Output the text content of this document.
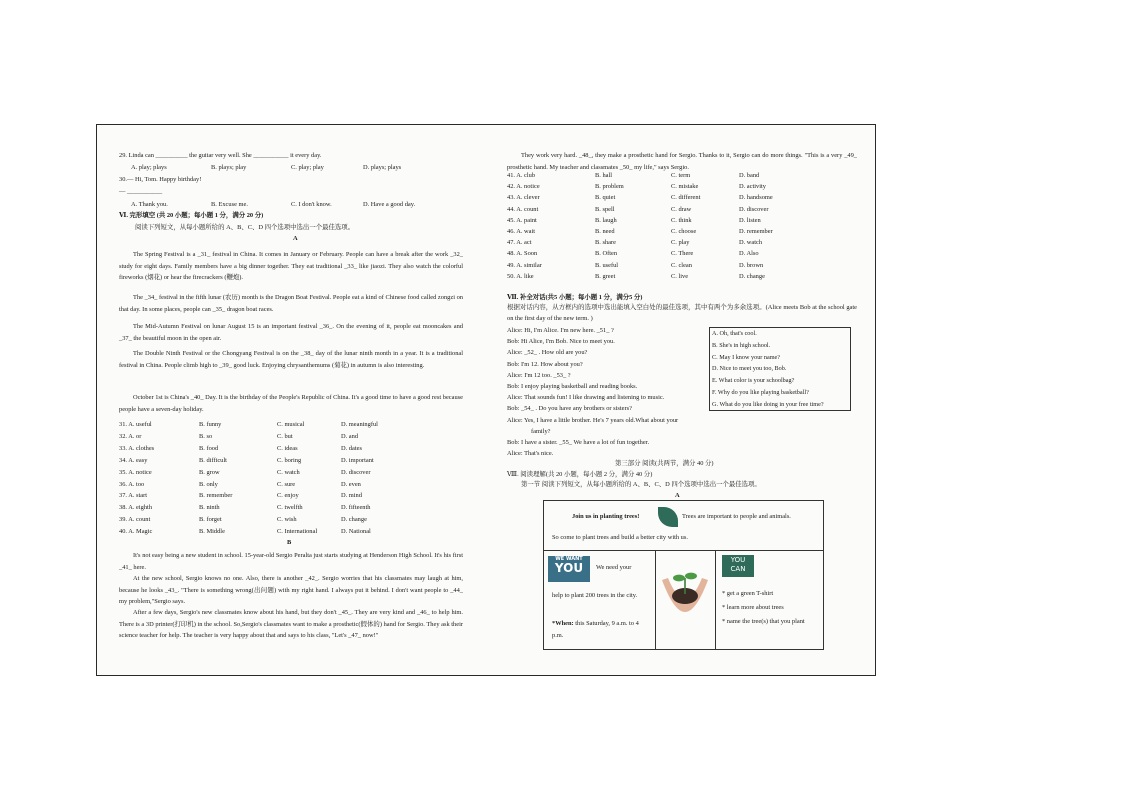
29. Linda can __________ the guitar very well. She ___________ it every day.
A. play; plays	B. plays; play	C. play; play	D. plays; plays
30.— Hi, Tom. Happy birthday!
— ___________
A. Thank you.	B. Excuse me.	C. I don't know.	D. Have a good day.
Ⅵ. 完形填空 (共 20 小题；每小题 1 分，满分 20 分)
阅读下列短文，从每小题所给的 A、B、C、D 四个选项中选出一个最佳选项。
A
The Spring Festival is a _31_ festival in China. It comes in January or February. People can have a break after the work _32_ study for eight days. Family members have a big dinner together. They eat traditional _33_ like jiaozi. They also watch the colorful fireworks (烟花) or hear the firecrackers (鞭炮).
The _34_ festival in the fifth lunar (农历) month is the Dragon Boat Festival. People eat a kind of Chinese food called zongzi on that day. In some places, people can _35_ dragon boat races.
The Mid-Autumn Festival on lunar August 15 is an important festival _36_. On the evening of it, people eat mooncakes and _37_ the beautiful moon in the open air.
The Double Ninth Festival or the Chongyang Festival is on the _38_ day of the lunar ninth month in a year. It is a traditional festival in China. People climb high to _39_ good luck. Enjoying chrysanthemums (菊花) in autumn is also interesting.
October 1st is China's _40_ Day. It is the birthday of the People's Republic of China. It's a good time to have a good rest because people have a seven-day holiday.
31. A. useful	B. funny	C. musical	D. meaningful
32. A. or	B. so	C. but	D. and
33. A. clothes	B. food	C. ideas	D. dates
34. A. easy	B. difficult	C. boring	D. important
35. A. notice	B. grow	C. watch	D. discover
36. A. too	B. only	C. sure	D. even
37. A. start	B. remember	C. enjoy	D. mind
38. A. eighth	B. ninth	C. twelfth	D. fifteenth
39. A. count	B. forget	C. wish	D. change
40. A. Magic	B. Middle	C. International	D. National
B
It's not easy being a new student in school. 15-year-old Sergio Peralta just starts studying at Henderson High School. It's his first _41_ here.
At the new school, Sergio knows no one. Also, there is another _42_. Sergio worries that his classmates may laugh at him, because he looks _43_. "There is something wrong(出问题) with my right hand. I always put it behind. I don't want people to _44_ my problem,"Sergio says.
After a few days, Sergio's new classmates know about his hand, but they don't _45_. They are very kind and _46_ to help him. There is a 3D printer(打印机) in the school. So,Sergio's classmates want to make a prosthetic(假体的) hand for Sergio. They ask their science teacher for help. The teacher is very happy about that and says to his class, "Let's _47_ now!"
They work very hard. _48_, they make a prosthetic hand for Sergio. Thanks to it, Sergio can do more things. "This is a very _49_ prosthetic hand. My teacher and classmates _50_ my life," says Sergio.
41. A. club	B. hall	C. term	D. band
42. A. notice	B. problem	C. mistake	D. activity
43. A. clever	B. quiet	C. different	D. handsome
44. A. count	B. spell	C. draw	D. discover
45. A. paint	B. laugh	C. think	D. listen
46. A. wait	B. need	C. choose	D. remember
47. A. act	B. share	C. play	D. watch
48. A. Soon	B. Often	C. There	D. Also
49. A. similar	B. useful	C. clean	D. brown
50. A. like	B. greet	C. live	D. change
Ⅶ. 补全对话(共5 小题；每小题 1 分，满分5 分)
根据对话内容，从方框内的选项中选出能填入空白处的最佳选项，其中有两个为多余选项。(Alice meets Bob at the school gate on the first day of the new term. )
Alice: Hi, I'm Alice. I'm new here. _51_ ?
Bob: Hi Alice, I'm Bob. Nice to meet you.
Alice: _52_ . How old are you?
Bob: I'm 12. How about you?
Alice: I'm 12 too. _53_ ?
Bob: I enjoy playing basketball and reading books.
Alice: That sounds fun! I like drawing and listening to music.
Bob: _54_ . Do you have any brothers or sisters?
Alice: Yes, I have a little brother. He's 7 years old.What about your
family?
Bob: I have a sister. _55_ We have a lot of fun together.
Alice: That's nice.
A. Oh, that's cool.
B. She's in high school.
C. May I know your name?
D. Nice to meet you too, Bob.
E. What color is your schoolbag?
F. Why do you like playing basketball?
G. What do you like doing in your free time?
第三部分 阅读(共两节，满分 40 分)
Ⅷ. 阅读理解(共 20 小题，每小题 2 分，满分 40 分)
第一节 阅读下列短文，从每小题所给的 A、B、C、D 四个选项中选出一个最佳选项。
A
Join us in planting trees!	Trees are important to people and animals.
So come to plant trees and build a better city with us.
WE WANT
YOU	We need your
help to plant 200 trees in the city.
*When: this Saturday, 9 a.m. to 4 p.m.
YOU
CAN
* get a green T-shirt
* learn more about trees
* name the tree(s) that you plant
